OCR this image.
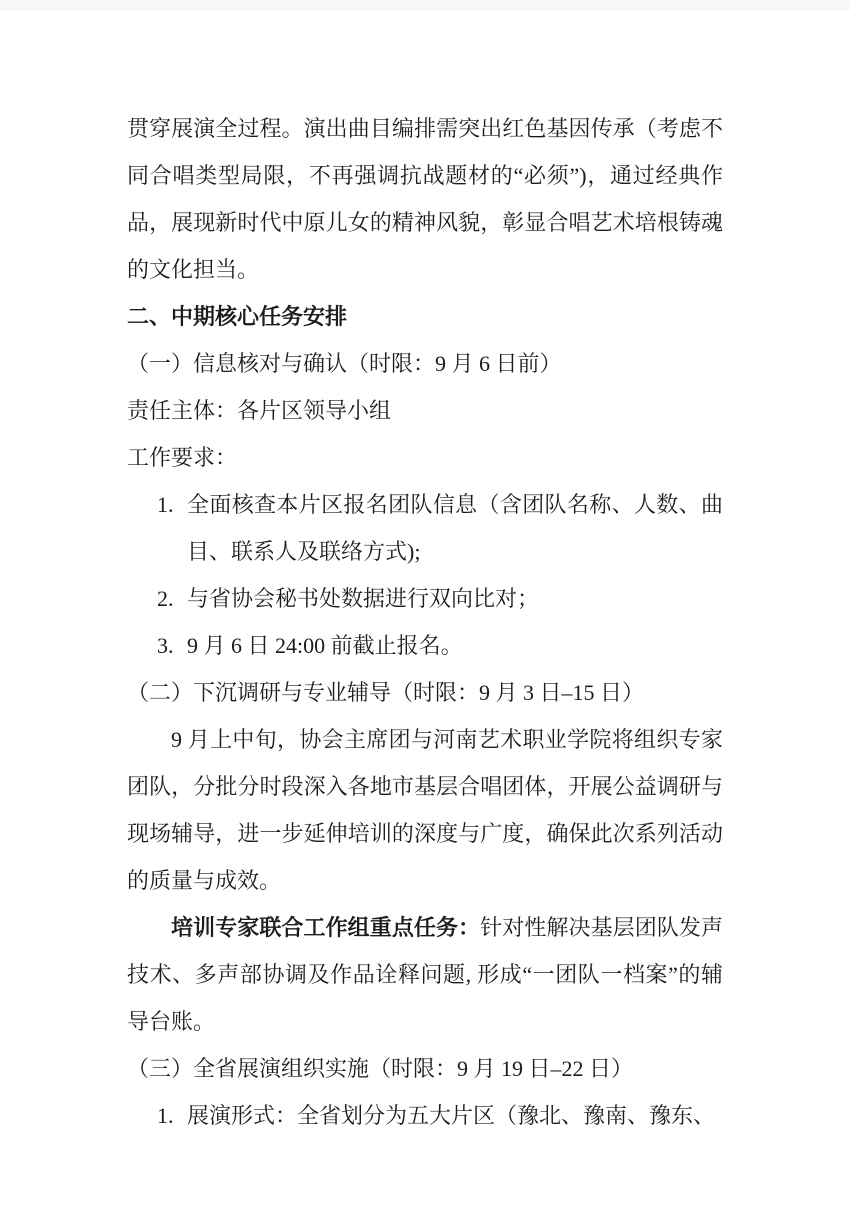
贯穿展演全过程。演出曲目编排需突出红色基因传承（考虑不同合唱类型局限，不再强调抗战题材的“必须”)，通过经典作品，展现新时代中原儿女的精神风貌，彰显合唱艺术培根铸魂的文化担当。

二、中期核心任务安排

（一）信息核对与确认（时限：9 月 6 日前）

责任主体：各片区领导小组

工作要求：

1. 全面核查本片区报名团队信息（含团队名称、人数、曲目、联系人及联络方式);
2. 与省协会秘书处数据进行双向比对；
3. 9 月 6 日 24:00 前截止报名。

（二）下沉调研与专业辅导（时限：9 月 3 日–15 日）

9 月上中旬，协会主席团与河南艺术职业学院将组织专家团队，分批分时段深入各地市基层合唱团体，开展公益调研与现场辅导，进一步延伸培训的深度与广度，确保此次系列活动的质量与成效。

培训专家联合工作组重点任务：针对性解决基层团队发声技术、多声部协调及作品诠释问题, 形成“一团队一档案”的辅导台账。

（三）全省展演组织实施（时限：9 月 19 日–22 日）

1. 展演形式：全省划分为五大片区（豫北、豫南、豫东、
